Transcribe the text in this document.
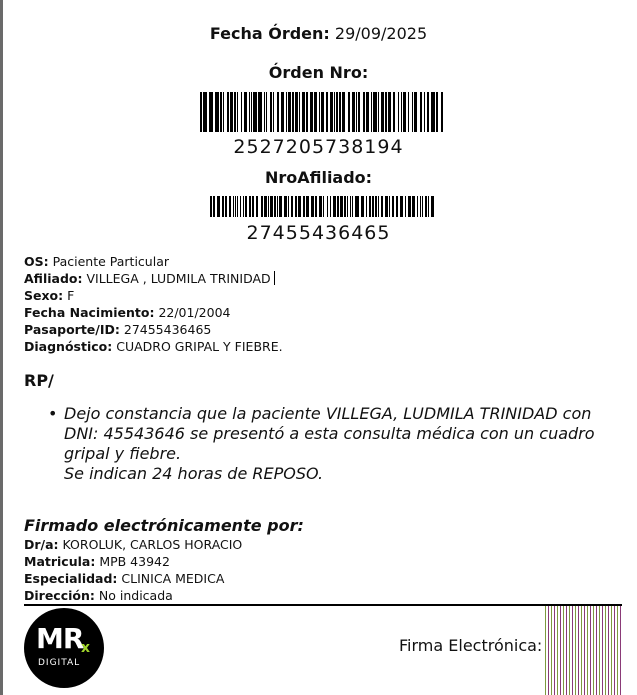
Fecha Órden: 29/09/2025
Órden Nro:
2527205738194
NroAfiliado:
27455436465
OS: Paciente Particular
Afiliado: VILLEGA , LUDMILA TRINIDAD
Sexo: F
Fecha Nacimiento: 22/01/2004
Pasaporte/ID: 27455436465
Diagnóstico: CUADRO GRIPAL Y FIEBRE.
RP/
• Dejo constancia que la paciente VILLEGA, LUDMILA TRINIDAD con DNI: 45543646 se presentó a esta consulta médica con un cuadro gripal y fiebre.
Se indican 24 horas de REPOSO.
Firmado electrónicamente por:
Dr/a: KOROLUK, CARLOS HORACIO
Matricula: MPB 43942
Especialidad: CLINICA MEDICA
Dirección: No indicada
MR
x
DIGITAL
Firma Electrónica:
